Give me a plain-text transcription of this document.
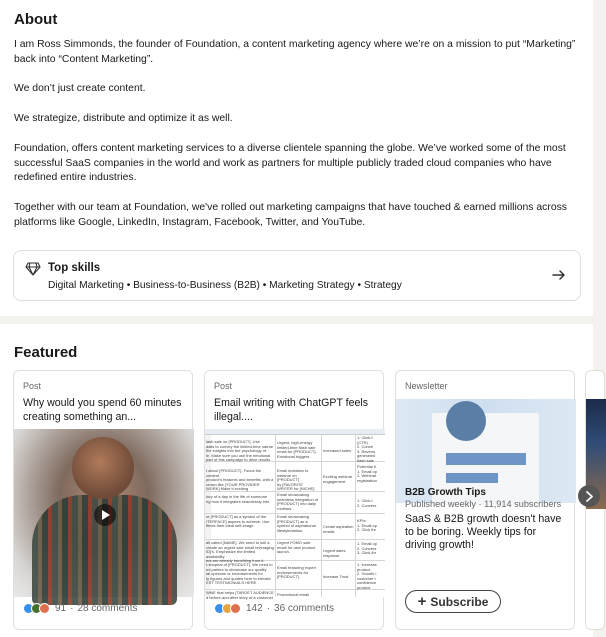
About

I am Ross Simmonds, the founder of Foundation, a content marketing agency where we’re on a mission to put “Marketing” back into “Content Marketing”.

We don’t just create content.

We strategize, distribute and optimize it as well.

Foundation, offers content marketing services to a diverse clientele spanning the globe. We’ve worked some of the most successful SaaS companies in the world and work as partners for multiple publicly traded cloud companies who have redefined entire industries.

Together with our team at Foundation, we've rolled out marketing campaigns that have touched & earned millions across platforms like Google, LinkedIn, Instagram, Facebook, Twitter, and YouTube.

Top skills
Digital Marketing • Business-to-Business (B2B) • Marketing Strategy • Strategy
Featured
Post
Why would you spend 60 minutes creating something an...
91 · 28 comments
Post
Email writing with ChatGPT feels illegal....
lash sale on [PRODUCT]. Use
aails to convey the limited-time nature
the insights into the psychology of
le. Make sure you use the emotional
part of this campaign to drive results
Urgent, high-energy
limited-time flash sale
email for [PRODUCT].
Emotional triggers.
Increased sales
1. Click-t
(CTR)
2. Conve
3. Revenu
generated
flash sale
t about [PRODUCT]. Focus the content
product's features and benefits, with a
crown like [YOUR PROVIDER
WORK] Make it exciting
Email invitation to
webinar on [PRODUCT]
by [FAVORITE
WRITER for [NICHE].
Exciting webinar
engagement
Potential K
1. Email op
2. Webinar
registration
tory of a day in the life of someone
ng how it integrates seamlessly into
Email showcasing
seamless integration of
[PRODUCT] into daily
routines.
1. Click-t
2. Convers
re [PRODUCT] as a symbol of the
ITERFACE] aspires to achieve. Use
ffects their ideal self-image
Email showcasing
[PRODUCT] as a
symbol of aspirational
lifestyle/status.
Create aspiration
emails
KPIs:
1. Email op
2. Click thr
ail called [NAME]. We need to sell a
create an urgent sale email leveraging
ID]'s. Emphasize the limited availability
ers are already benefiting from it.
Urgent FOMO sale
email for new product
launch.	Urgent sales
response
1. Email op
2. Convers
3. Click-thr
t-shopeal of [PRODUCT]. We need to
ed parties to showcase our quality
ial opinions or endorsements for
ty figures and quotes here to elevate
EST TESTIMONIALS HERE
Email featuring expert
endorsements for
[PRODUCT].	Increase Trust.
1. Increase
product
2. Growth i
customer t
confidence
product
WME that helps [TARGET AUDIENCE
a before-and-after story of a customer
Promotional email
142 · 36 comments
Newsletter
B2B Growth Tips
Published weekly · 11,914 subscribers
SaaS & B2B growth doesn't have to be boring. Weekly tips for driving growth!
+ Subscribe
